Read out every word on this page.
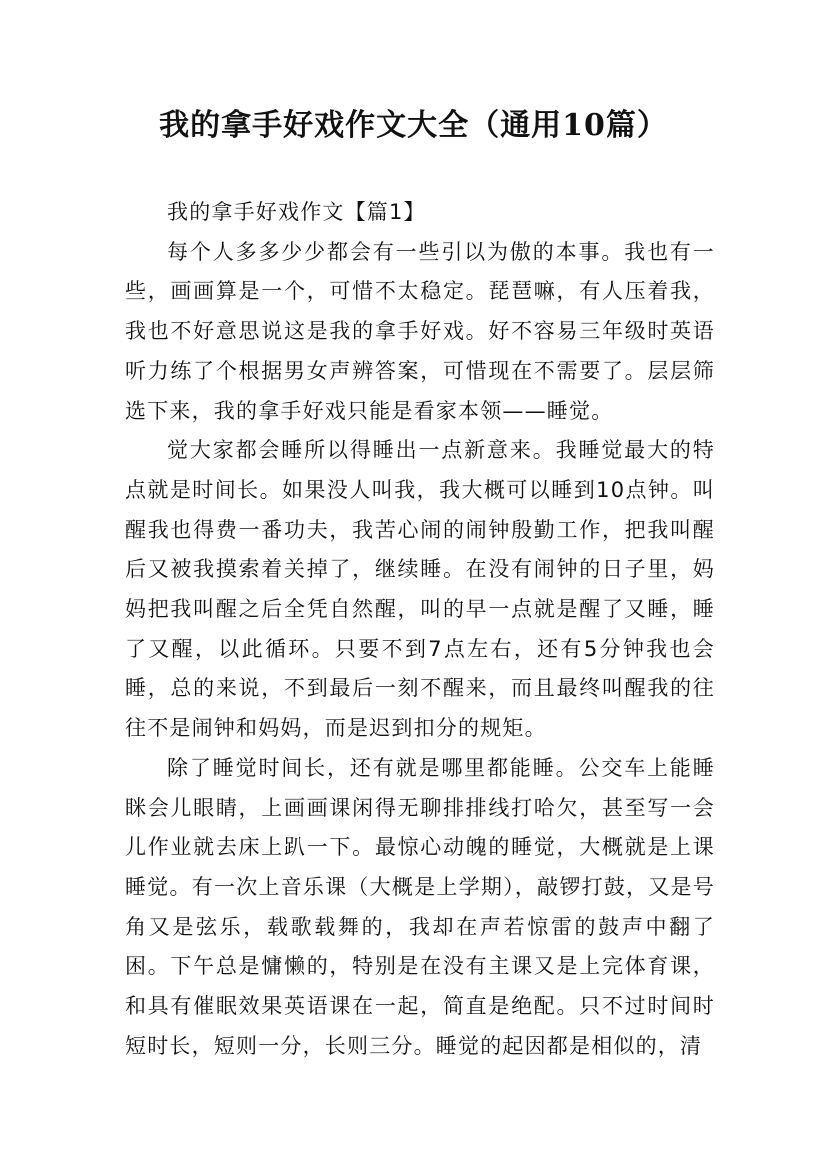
我的拿手好戏作文大全（通用10篇）

我的拿手好戏作文【篇1】

每个人多多少少都会有一些引以为傲的本事。我也有一些，画画算是一个，可惜不太稳定。琵琶嘛，有人压着我，我也不好意思说这是我的拿手好戏。好不容易三年级时英语听力练了个根据男女声辨答案，可惜现在不需要了。层层筛选下来，我的拿手好戏只能是看家本领——睡觉。

觉大家都会睡所以得睡出一点新意来。我睡觉最大的特点就是时间长。如果没人叫我，我大概可以睡到10点钟。叫醒我也得费一番功夫，我苦心闹的闹钟殷勤工作，把我叫醒后又被我摸索着关掉了，继续睡。在没有闹钟的日子里，妈妈把我叫醒之后全凭自然醒，叫的早一点就是醒了又睡，睡了又醒，以此循环。只要不到7点左右，还有5分钟我也会睡，总的来说，不到最后一刻不醒来，而且最终叫醒我的往往不是闹钟和妈妈，而是迟到扣分的规矩。

除了睡觉时间长，还有就是哪里都能睡。公交车上能睡眯会儿眼睛，上画画课闲得无聊排排线打哈欠，甚至写一会儿作业就去床上趴一下。最惊心动魄的睡觉，大概就是上课睡觉。有一次上音乐课（大概是上学期），敲锣打鼓，又是号角又是弦乐，载歌载舞的，我却在声若惊雷的鼓声中翻了困。下午总是慵懒的，特别是在没有主课又是上完体育课，和具有催眠效果英语课在一起，简直是绝配。只不过时间时短时长，短则一分，长则三分。睡觉的起因都是相似的，清
